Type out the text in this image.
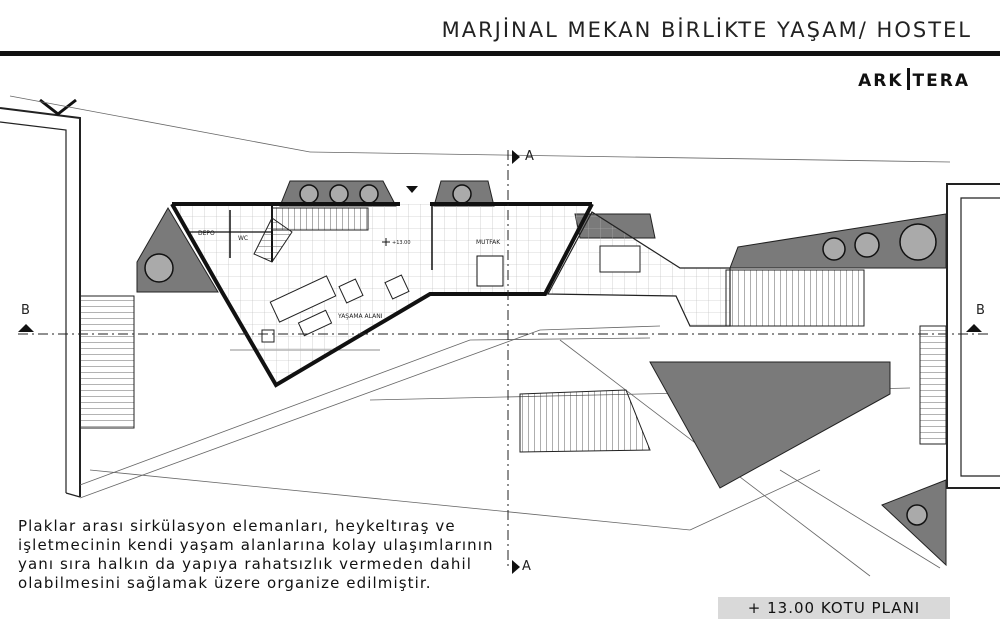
MARJİNAL MEKAN BİRLİKTE YAŞAM/ HOSTEL
ARK TERA
A
A
B	B
DEPO
WC
MUTFAK
YAŞAMA ALANI
+13.00
Plaklar arası sirkülasyon elemanları, heykeltıraş ve işletmecinin kendi yaşam alanlarına kolay ulaşımlarının yanı sıra halkın da yapıya rahatsızlık vermeden dahil olabilmesini sağlamak üzere organize edilmiştir.
+ 13.00 KOTU PLANI
